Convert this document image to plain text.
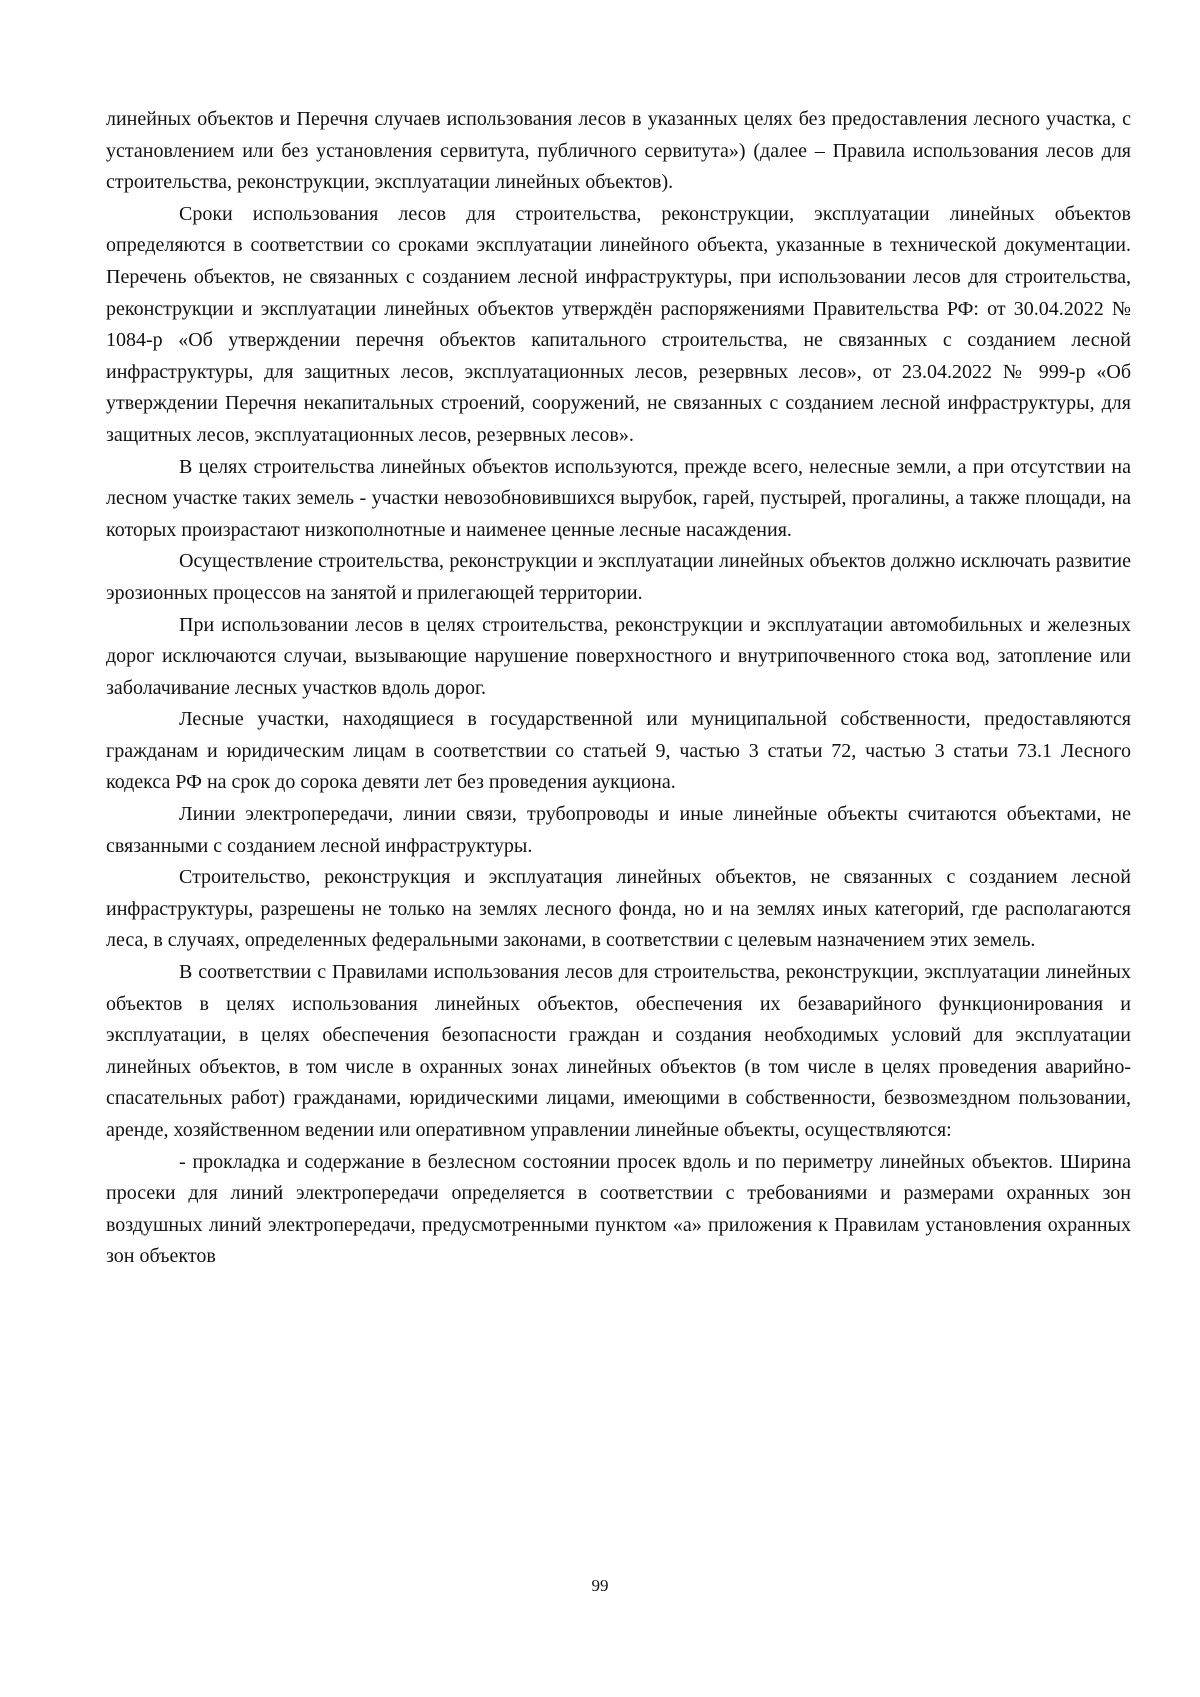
линейных объектов и Перечня случаев использования лесов в указанных целях без предоставления лесного участка, с установлением или без установления сервитута, публичного сервитута») (далее – Правила использования лесов для строительства, реконструкции, эксплуатации линейных объектов).

Сроки использования лесов для строительства, реконструкции, эксплуатации линейных объектов определяются в соответствии со сроками эксплуатации линейного объекта, указанные в технической документации. Перечень объектов, не связанных с созданием лесной инфраструктуры, при использовании лесов для строительства, реконструкции и эксплуатации линейных объектов утверждён распоряжениями Правительства РФ: от 30.04.2022 № 1084-р «Об утверждении перечня объектов капитального строительства, не связанных с созданием лесной инфраструктуры, для защитных лесов, эксплуатационных лесов, резервных лесов», от 23.04.2022 № 999-р «Об утверждении Перечня некапитальных строений, сооружений, не связанных с созданием лесной инфраструктуры, для защитных лесов, эксплуатационных лесов, резервных лесов».

В целях строительства линейных объектов используются, прежде всего, нелесные земли, а при отсутствии на лесном участке таких земель - участки невозобновившихся вырубок, гарей, пустырей, прогалины, а также площади, на которых произрастают низкополнотные и наименее ценные лесные насаждения.

Осуществление строительства, реконструкции и эксплуатации линейных объектов должно исключать развитие эрозионных процессов на занятой и прилегающей территории.

При использовании лесов в целях строительства, реконструкции и эксплуатации автомобильных и железных дорог исключаются случаи, вызывающие нарушение поверхностного и внутрипочвенного стока вод, затопление или заболачивание лесных участков вдоль дорог.

Лесные участки, находящиеся в государственной или муниципальной собственности, предоставляются гражданам и юридическим лицам в соответствии со статьей 9, частью 3 статьи 72, частью 3 статьи 73.1 Лесного кодекса РФ на срок до сорока девяти лет без проведения аукциона.

Линии электропередачи, линии связи, трубопроводы и иные линейные объекты считаются объектами, не связанными с созданием лесной инфраструктуры.

Строительство, реконструкция и эксплуатация линейных объектов, не связанных с созданием лесной инфраструктуры, разрешены не только на землях лесного фонда, но и на землях иных категорий, где располагаются леса, в случаях, определенных федеральными законами, в соответствии с целевым назначением этих земель.

В соответствии с Правилами использования лесов для строительства, реконструкции, эксплуатации линейных объектов в целях использования линейных объектов, обеспечения их безаварийного функционирования и эксплуатации, в целях обеспечения безопасности граждан и создания необходимых условий для эксплуатации линейных объектов, в том числе в охранных зонах линейных объектов (в том числе в целях проведения аварийно-спасательных работ) гражданами, юридическими лицами, имеющими в собственности, безвозмездном пользовании, аренде, хозяйственном ведении или оперативном управлении линейные объекты, осуществляются:

- прокладка и содержание в безлесном состоянии просек вдоль и по периметру линейных объектов. Ширина просеки для линий электропередачи определяется в соответствии с требованиями и размерами охранных зон воздушных линий электропередачи, предусмотренными пунктом «а» приложения к Правилам установления охранных зон объектов

99
